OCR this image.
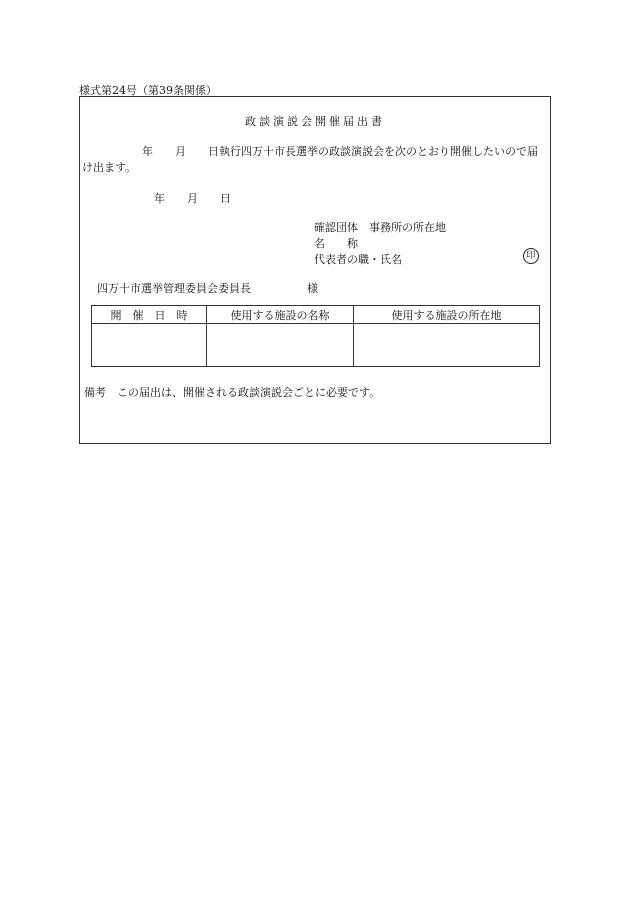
様式第24号（第39条関係）
政談演説会開催届出書
年　　月　　日執行四万十市長選挙の政談演説会を次のとおり開催したいので届
け出ます。
年　　月　　日
確認団体　事務所の所在地
名　　称
代表者の職・氏名	印
四万十市選挙管理委員会委員長	様
開　催　日　時	使用する施設の名称	使用する施設の所在地

備考　この届出は、開催される政談演説会ごとに必要です。
